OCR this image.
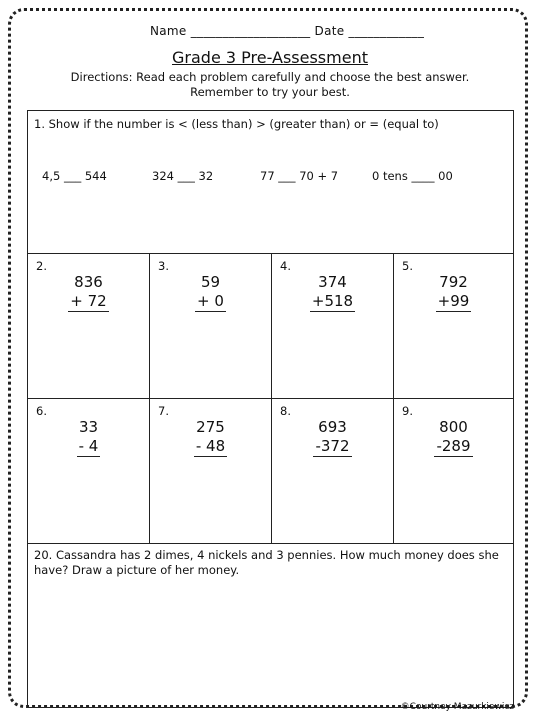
Name ___________________ Date ____________
Grade 3 Pre-Assessment
Directions: Read each problem carefully and choose the best answer.
Remember to try your best.
1. Show if the number is < (less than) > (greater than) or = (equal to)
4,5 ___ 544	324 ___ 32	77 ___ 70 + 7	0 tens ____ 00
2.
836
+ 72
3.
59
+ 0
4.
374
+518
5.
792
+99
6.
33
- 4
7.
275
- 48
8.
693
-372
9.
800
-289
20. Cassandra has 2 dimes, 4 nickels and 3 pennies. How much money does she have? Draw a picture of her money.
©Courtney Mazurkiewicz
